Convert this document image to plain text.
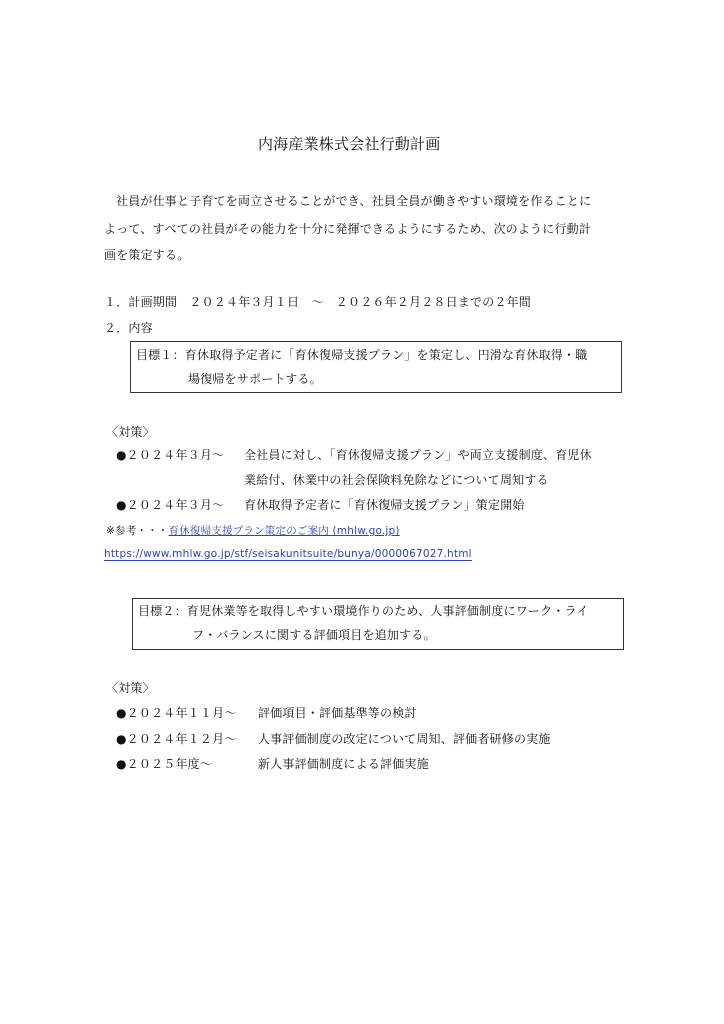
内海産業株式会社行動計画
社員が仕事と子育てを両立させることができ、社員全員が働きやすい環境を作ることに
よって、すべての社員がその能力を十分に発揮できるようにするため、次のように行動計
画を策定する。
１．計画期間　２０２４年３月１日　～　２０２６年２月２８日までの２年間
２．内容
目標１：育休取得予定者に「育休復帰支援プラン」を策定し、円滑な育休取得・職
場復帰をサポートする。
〈対策〉
●２０２４年３月～ 全社員に対し、「育休復帰支援プラン」や両立支援制度、育児休
業給付、休業中の社会保険料免除などについて周知する
●２０２４年３月～ 育休取得予定者に「育休復帰支援プラン」策定開始
※参考・・・育休復帰支援プラン策定のご案内 (mhlw.go.jp)
https://www.mhlw.go.jp/stf/seisakunitsuite/bunya/0000067027.html
目標２：育児休業等を取得しやすい環境作りのため、人事評価制度にワーク・ライ
フ・バランスに関する評価項目を追加する。
〈対策〉
●２０２４年１１月～ 評価項目・評価基準等の検討
●２０２４年１２月～ 人事評価制度の改定について周知、評価者研修の実施
●２０２５年度～	新人事評価制度による評価実施
